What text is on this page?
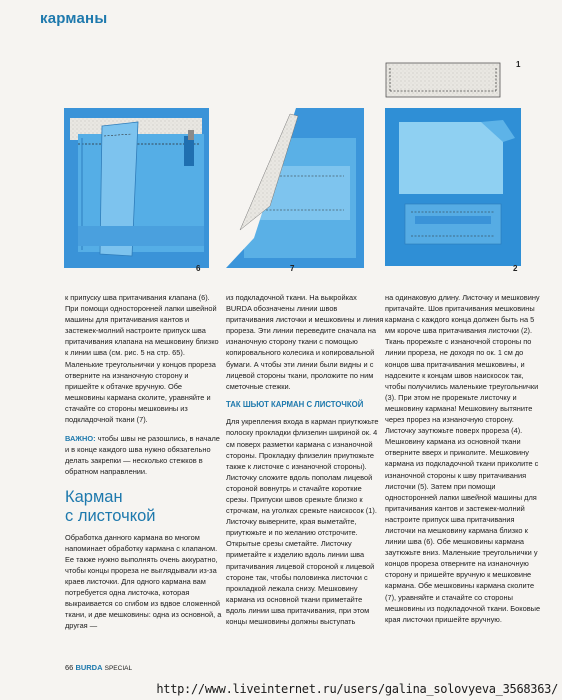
карманы
1
6	7	2

к припуску шва притачивания клапана (6). При помощи односторонней лапки швейной машины для притачивания кантов и застежек-молний настроите припуск шва притачивания клапана на мешковину близко к линии шва (см. рис. 5 на стр. 65). Маленькие треугольнички у концов прореза отверните на изнаночную сторону и пришейте к обтачке вручную. Обе мешковины кармана сколите, уравняйте и стачайте со стороны мешковины из подкладочной ткани (7).

ВАЖНО: чтобы швы не разошлись, в начале и в конце каждого шва нужно обязательно делать закрепки — несколько стежков в обратном направлении.

Карман
с листочкой

Обработка данного кармана во многом напоминает обработку кармана с клапаном. Ее также нужно выполнять очень аккуратно, чтобы концы прореза не выглядывали из-за краев листочки. Для одного кармана вам потребуется одна листочка, которая выкраивается со сгибом из вдвое сложенной ткани, и две мешковины: одна из основной, а другая —

из подкладочной ткани. На выкройках BURDA обозначены линии швов притачивания листочки и мешковины и линия прореза. Эти линии переведите сначала на изнаночную сторону ткани с помощью копировального колесика и копировальной бумаги. А чтобы эти линии были видны и с лицевой стороны ткани, проложите по ним сметочные стежки.

ТАК ШЬЮТ КАРМАН С ЛИСТОЧКОЙ

Для укрепления входа в карман приутюжьте полоску прокладки флизелин шириной ок. 4 см поверх разметки кармана с изнаночной стороны. Прокладку флизелин приутюжьте также к листочке с изнаночной стороны). Листочку сложите вдоль пополам лицевой стороной вовнутрь и стачайте короткие срезы. Припуски швов срежьте близко к строчкам, на уголках срежьте наискосок (1). Листочку выверните, края выметайте, приутюжьте и по желанию отстрочите. Открытые срезы сметайте. Листочку приметайте к изделию вдоль линии шва притачивания лицевой стороной к лицевой стороне так, чтобы половинка листочки с прокладкой лежала снизу. Мешковину кармана из основной ткани приметайте вдоль линии шва притачивания, при этом концы мешковины должны выступать

на одинаковую длину. Листочку и мешковину притачайте. Шов притачивания мешковины кармана с каждого конца должен быть на 5 мм короче шва притачивания листочки (2). Ткань прорежьте с изнаночной стороны по линии прореза, не доходя по ок. 1 см до концов шва притачивания мешковины, и надсеките к концам швов наискосок так, чтобы получились маленькие треугольнички (3). При этом не прорежьте листочку и мешковину кармана! Мешковину вытяните через прорез на изнаночную сторону. Листочку заутюжьте поверх прореза (4). Мешковину кармана из основной ткани отверните вверх и приколите. Мешковину кармана из подкладочной ткани приколите с изнаночной стороны к шву притачивания листочки (5). Затем при помощи односторонней лапки швейной машины для притачивания кантов и застежек-молний настроите припуск шва притачивания листочки на мешковину кармана близко к линии шва (6). Обе мешковины кармана заутюжьте вниз. Маленькие треугольнички у концов прореза отверните на изнаночную сторону и пришейте вручную к мешковине кармана. Обе мешковины кармана сколите (7), уравняйте и стачайте со стороны мешковины из подкладочной ткани. Боковые края листочки пришейте вручную.

66 BURDA SPECIAL
http://www.liveinternet.ru/users/galina_solovyeva_3568363/
